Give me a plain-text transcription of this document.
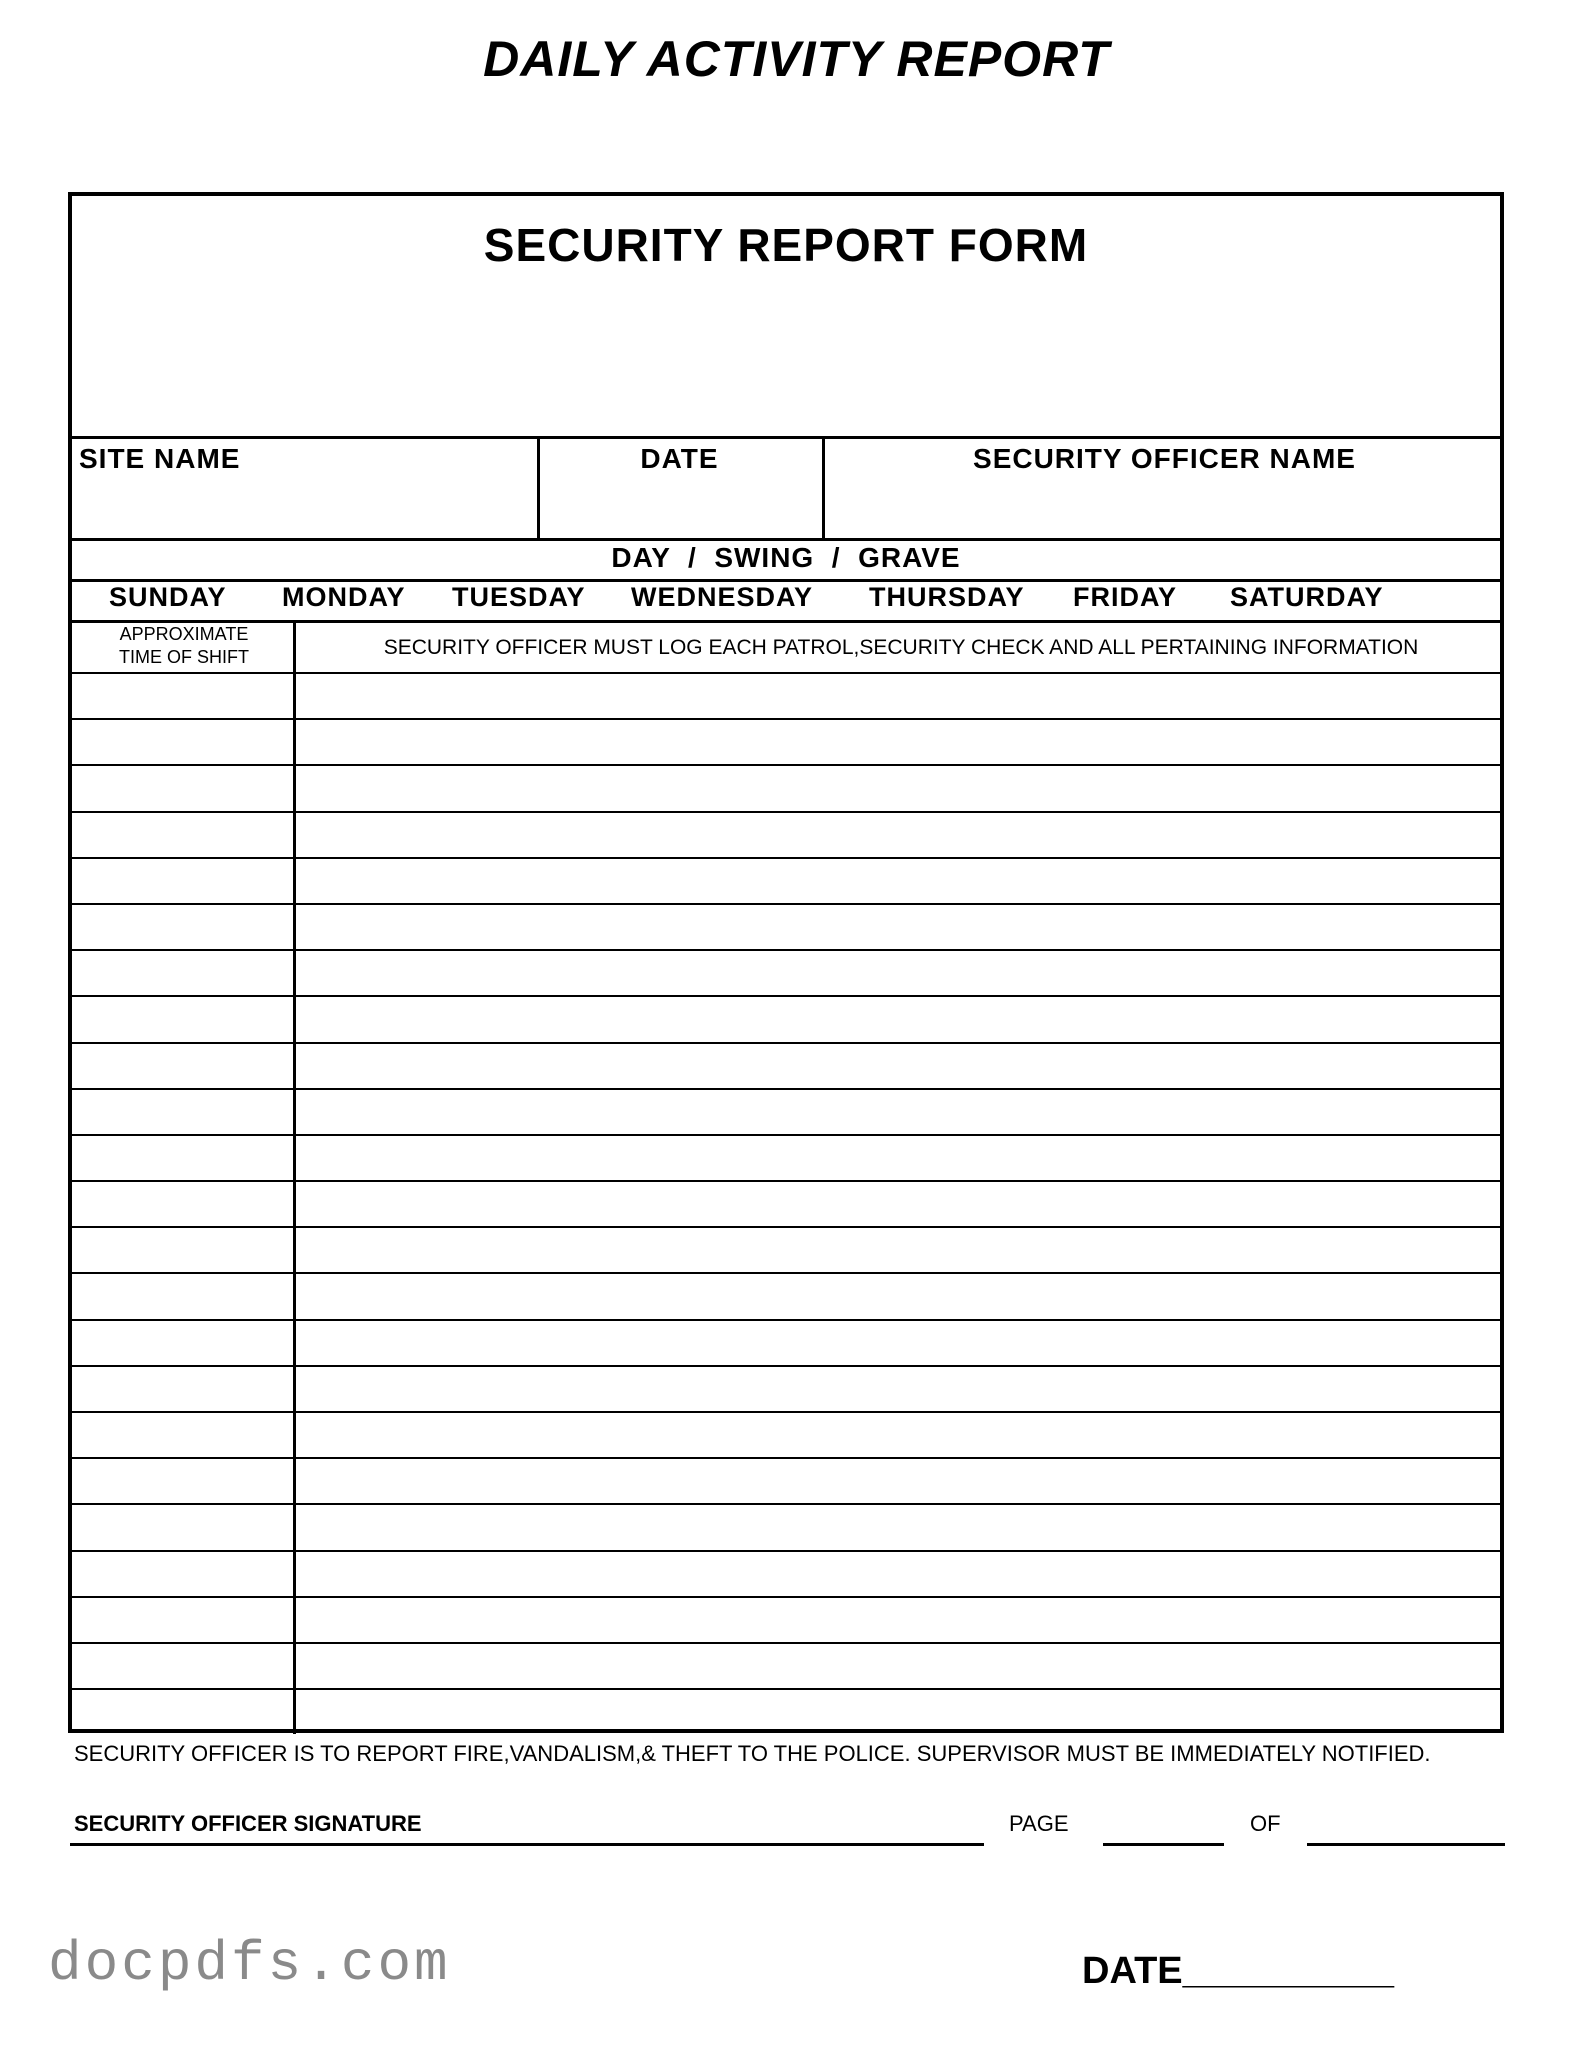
DAILY ACTIVITY REPORT
SECURITY REPORT FORM
SITE NAME	DATE	SECURITY OFFICER NAME
DAY  /  SWING  /  GRAVE
SUNDAY MONDAY TUESDAY WEDNESDAY THURSDAY FRIDAY SATURDAY
APPROXIMATE
TIME OF SHIFT	SECURITY OFFICER MUST LOG EACH PATROL,SECURITY CHECK AND ALL PERTAINING INFORMATION
SECURITY OFFICER IS TO REPORT FIRE,VANDALISM,& THEFT TO THE POLICE. SUPERVISOR MUST BE IMMEDIATELY NOTIFIED.
SECURITY OFFICER SIGNATURE	PAGE	OF
docpdfs.com	DATE__________
